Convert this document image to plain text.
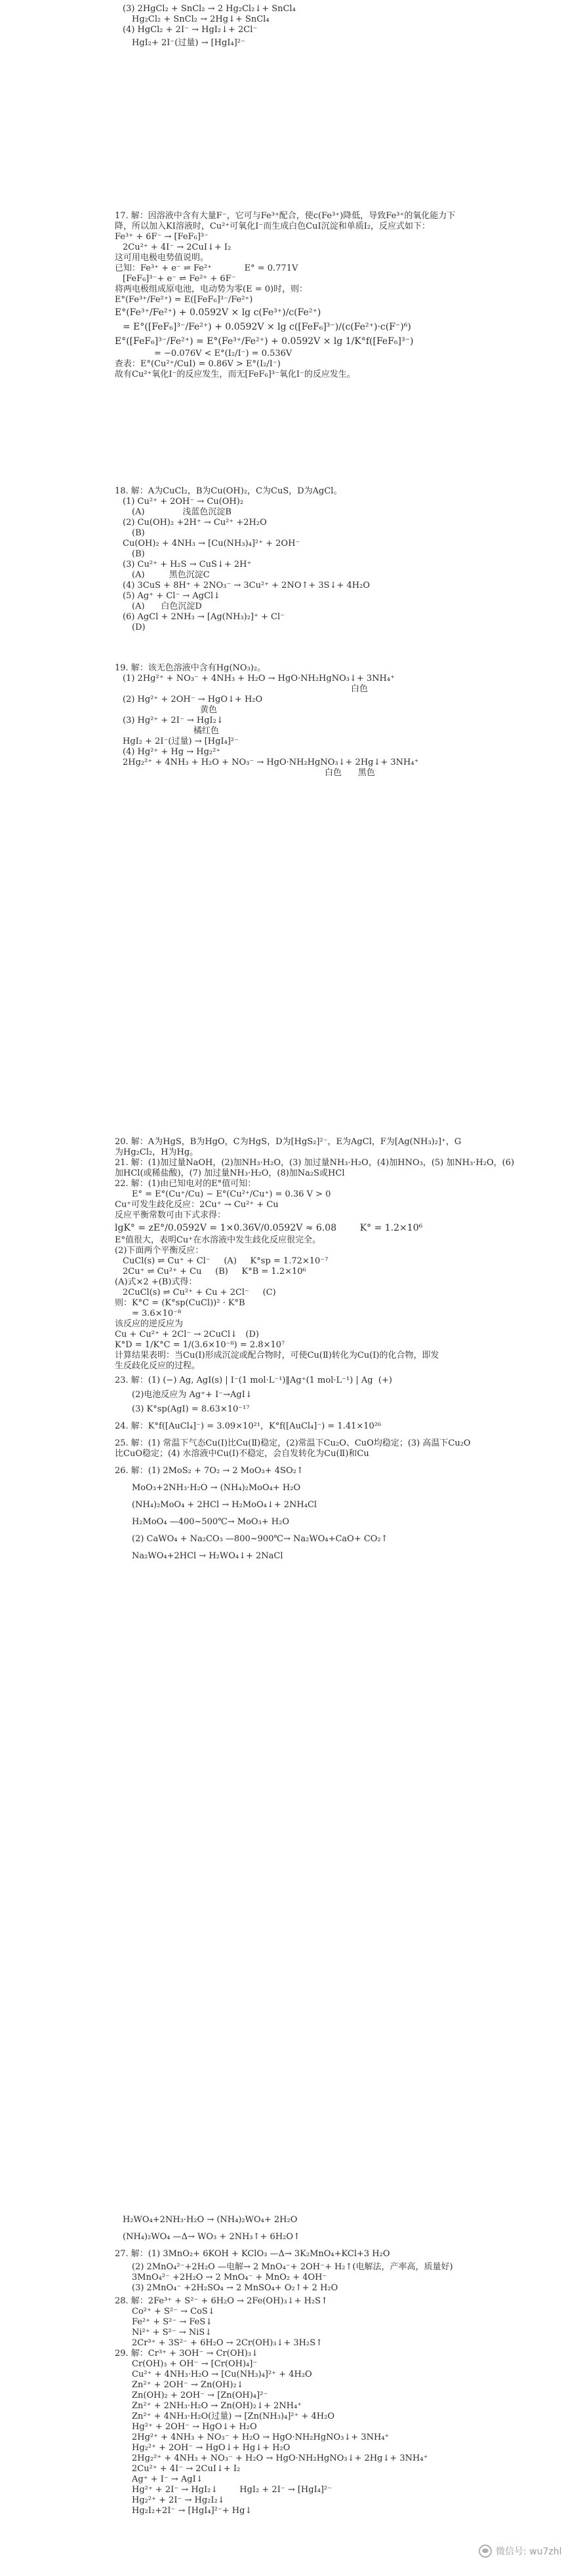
(3) 2HgCl₂ + SnCl₂ → 2 Hg₂Cl₂↓+ SnCl₄
Hg₂Cl₂ + SnCl₂ → 2Hg↓+ SnCl₄
(4) HgCl₂ + 2I⁻ → HgI₂↓+ 2Cl⁻
HgI₂+ 2I⁻(过量) → [HgI₄]²⁻
17. 解：因溶液中含有大量F⁻，它可与Fe³⁺配合，使c(Fe³⁺)降低，导致Fe³⁺的氧化能力下
降，所以加入KI溶液时，Cu²⁺可氧化I⁻而生成白色CuI沉淀和单质I₂，反应式如下：
Fe³⁺ + 6F⁻ → [FeF₆]³⁻
2Cu²⁺ + 4I⁻ → 2CuI↓+ I₂
这可用电极电势值说明。
已知：Fe³⁺ + e⁻ ⇌ Fe²⁺            E° = 0.771V
[FeF₆]³⁻+ e⁻ ⇌ Fe²⁺ + 6F⁻
将两电极组成原电池，电动势为零(E = 0)时，则：
E°(Fe³⁺/Fe²⁺) = E([FeF₆]³⁻/Fe²⁺)
E°(Fe³⁺/Fe²⁺) + 0.0592V × lg c(Fe³⁺)/c(Fe²⁺)
= E°([FeF₆]³⁻/Fe²⁺) + 0.0592V × lg c([FeF₆]³⁻)/(c(Fe²⁺)·c(F⁻)⁶)
E°([FeF₆]³⁻/Fe²⁺) = E°(Fe³⁺/Fe²⁺) + 0.0592V × lg 1/K°f([FeF₆]³⁻)
= −0.076V < E°(I₂/I⁻) = 0.536V
查表：E°(Cu²⁺/CuI) = 0.86V > E°(I₂/I⁻)
故有Cu²⁺氧化I⁻的反应发生，而无[FeF₆]³⁻氧化I⁻的反应发生。
18. 解：A为CuCl₂，B为Cu(OH)₂，C为CuS，D为AgCl。
(1) Cu²⁺ + 2OH⁻ → Cu(OH)₂
(A)              浅蓝色沉淀B
(2) Cu(OH)₂ +2H⁺ → Cu²⁺ +2H₂O
(B)
Cu(OH)₂ + 4NH₃ → [Cu(NH₃)₄]²⁺ + 2OH⁻
(B)
(3) Cu²⁺ + H₂S → CuS↓+ 2H⁺
(A)         黑色沉淀C
(4) 3CuS + 8H⁺ + 2NO₃⁻ → 3Cu²⁺ + 2NO↑+ 3S↓+ 4H₂O
(5) Ag⁺ + Cl⁻ → AgCl↓
(A)      白色沉淀D
(6) AgCl + 2NH₃ → [Ag(NH₃)₂]⁺ + Cl⁻
(D)
19. 解：该无色溶液中含有Hg(NO₃)₂。
(1) 2Hg²⁺ + NO₃⁻ + 4NH₃ + H₂O → HgO·NH₂HgNO₃↓+ 3NH₄⁺
白色
(2) Hg²⁺ + 2OH⁻ → HgO↓+ H₂O
黄色
(3) Hg²⁺ + 2I⁻ → HgI₂↓
橘红色
HgI₂ + 2I⁻(过量) → [HgI₄]²⁻
(4) Hg²⁺ + Hg → Hg₂²⁺
2Hg₂²⁺ + 4NH₃ + H₂O + NO₃⁻ → HgO·NH₂HgNO₃↓+ 2Hg↓+ 3NH₄⁺
白色      黑色
20. 解：A为HgS，B为HgO，C为HgS，D为[HgS₂]²⁻，E为AgCl，F为[Ag(NH₃)₂]⁺，G
为Hg₂Cl₂，H为Hg。
21. 解：(1)加过量NaOH，(2)加NH₃·H₂O，(3) 加过量NH₃·H₂O，(4)加HNO₃，(5) 加NH₃·H₂O，(6)
加HCl(或稀盐酸)，(7) 加过量NH₃·H₂O，(8)加Na₂S或HCl
22. 解：(1)由已知电对的E°值可知：
E° = E°(Cu⁺/Cu) − E°(Cu²⁺/Cu⁺) = 0.36 V > 0
Cu⁺可发生歧化反应：2Cu⁺ → Cu²⁺ + Cu
反应平衡常数可由下式求得：
lgK° = zE°/0.0592V = 1×0.36V/0.0592V ≈ 6.08        K° = 1.2×10⁶
E°值很大，表明Cu⁺在水溶液中发生歧化反应很完全。
(2)下面两个平衡反应：
CuCl(s) ⇌ Cu⁺ + Cl⁻     (A)     K°sp = 1.72×10⁻⁷
2Cu⁺ ⇌ Cu²⁺ + Cu     (B)     K°B = 1.2×10⁶
(A)式×2 +(B)式得：
2CuCl(s) ⇌ Cu²⁺ + Cu + 2Cl⁻     (C)
则：K°C = (K°sp(CuCl))² · K°B
= 3.6×10⁻⁸
该反应的逆反应为
Cu + Cu²⁺ + 2Cl⁻ → 2CuCl↓   (D)
K°D = 1/K°C = 1/(3.6×10⁻⁸) = 2.8×10⁷
计算结果表明：当Cu(Ⅰ)形成沉淀或配合物时，可使Cu(Ⅱ)转化为Cu(Ⅰ)的化合物，即发
生反歧化反应的过程。
23. 解：(1) (−) Ag, AgI(s) | I⁻(1 mol·L⁻¹)‖Ag⁺(1 mol·L⁻¹) | Ag  (+)
(2)电池反应为 Ag⁺+ I⁻→AgI↓
(3) K°sp(AgI) = 8.63×10⁻¹⁷
24. 解：K°f([AuCl₄]⁻) = 3.09×10²¹，K°f([AuCl₄]⁻) = 1.41×10²⁶
25. 解：(1) 常温下气态Cu(Ⅰ)比Cu(Ⅱ)稳定，(2)常温下Cu₂O、CuO均稳定；(3) 高温下Cu₂O
比CuO稳定；(4) 水溶液中Cu(Ⅰ)不稳定，会自发转化为Cu(Ⅱ)和Cu
26. 解：(1) 2MoS₂ + 7O₂ → 2 MoO₃+ 4SO₂↑
MoO₃+2NH₃·H₂O → (NH₄)₂MoO₄+ H₂O
(NH₄)₂MoO₄ + 2HCl → H₂MoO₄↓+ 2NH₄Cl
H₂MoO₄ —400~500℃→ MoO₃+ H₂O
(2) CaWO₄ + Na₂CO₃ —800~900℃→ Na₂WO₄+CaO+ CO₂↑
Na₂WO₄+2HCl → H₂WO₄↓+ 2NaCl
H₂WO₄+2NH₃·H₂O → (NH₄)₂WO₄+ 2H₂O
(NH₄)₂WO₄ —Δ→ WO₃ + 2NH₃↑+ 6H₂O↑
27. 解：(1) 3MnO₂+ 6KOH + KClO₃ —Δ→ 3K₂MnO₄+KCl+3 H₂O
(2) 2MnO₄²⁻+2H₂O —电解→ 2 MnO₄⁻+ 2OH⁻+ H₂↑(电解法，产率高，质量好)
3MnO₄²⁻ +2H₂O → 2 MnO₄⁻ + MnO₂ + 4OH⁻
(3) 2MnO₄⁻ +2H₂SO₄ → 2 MnSO₄+ O₂↑+ 2 H₂O
28. 解：2Fe³⁺ + S²⁻ + 6H₂O → 2Fe(OH)₃↓+ H₂S↑
Co²⁺ + S²⁻ → CoS↓
Fe²⁺ + S²⁻ → FeS↓
Ni²⁺ + S²⁻ → NiS↓
2Cr³⁺ + 3S²⁻ + 6H₂O → 2Cr(OH)₃↓+ 3H₂S↑
29. 解：Cr³⁺ + 3OH⁻ → Cr(OH)₃↓
Cr(OH)₃ + OH⁻ → [Cr(OH)₄]⁻
Cu²⁺ + 4NH₃·H₂O → [Cu(NH₃)₄]²⁺ + 4H₂O
Zn²⁺ + 2OH⁻ → Zn(OH)₂↓
Zn(OH)₂ + 2OH⁻ → [Zn(OH)₄]²⁻
Zn²⁺ + 2NH₃·H₂O → Zn(OH)₂↓+ 2NH₄⁺
Zn²⁺ + 4NH₃·H₂O(过量) → [Zn(NH₃)₄]²⁺ + 4H₂O
Hg²⁺ + 2OH⁻ → HgO↓+ H₂O
2Hg²⁺ + 4NH₃ + NO₃⁻ + H₂O → HgO·NH₂HgNO₃↓+ 3NH₄⁺
Hg₂²⁺ + 2OH⁻ → HgO↓+ Hg↓+ H₂O
2Hg₂²⁺ + 4NH₃ + NO₃⁻ + H₂O → HgO·NH₂HgNO₃↓+ 2Hg↓+ 3NH₄⁺
2Cu²⁺ + 4I⁻ → 2CuI↓+ I₂
Ag⁺ + I⁻ → AgI↓
Hg²⁺ + 2I⁻ → HgI₂↓        HgI₂ + 2I⁻ → [HgI₄]²⁻
Hg₂²⁺ + 2I⁻ → Hg₂I₂↓
Hg₂I₂+2I⁻ → [HgI₄]²⁻+ Hg↓
微信号: wu7zhl
